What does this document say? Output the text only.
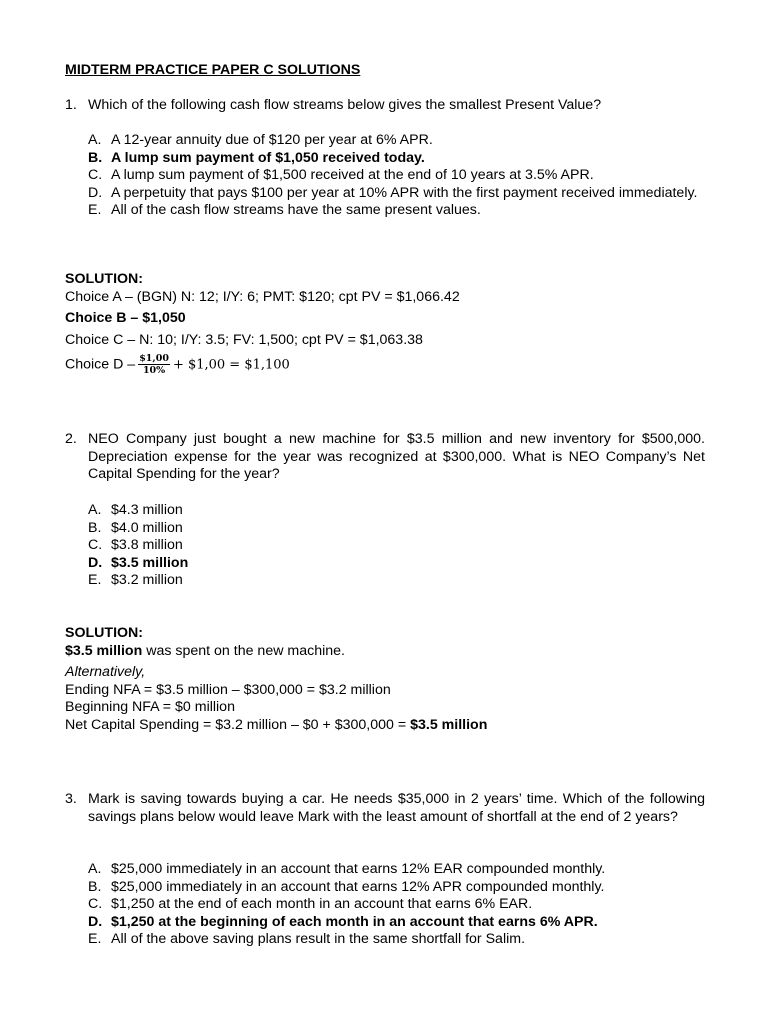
MIDTERM PRACTICE PAPER C SOLUTIONS
1. Which of the following cash flow streams below gives the smallest Present Value?
A. A 12-year annuity due of $120 per year at 6% APR.
B. A lump sum payment of $1,050 received today.
C. A lump sum payment of $1,500 received at the end of 10 years at 3.5% APR.
D. A perpetuity that pays $100 per year at 10% APR with the first payment received immediately.
E. All of the cash flow streams have the same present values.
SOLUTION:
Choice A – (BGN) N: 12; I/Y: 6; PMT: $120; cpt PV = $1,066.42
Choice B – $1,050
Choice C – N: 10; I/Y: 3.5; FV: 1,500; cpt PV = $1,063.38
Choice D – $\frac{\$1,00}{10\%}$ + $1,00 = $1,100
2. NEO Company just bought a new machine for $3.5 million and new inventory for $500,000. Depreciation expense for the year was recognized at $300,000. What is NEO Company’s Net Capital Spending for the year?
A. $4.3 million
B. $4.0 million
C. $3.8 million
D. $3.5 million
E. $3.2 million
SOLUTION:
$3.5 million was spent on the new machine.
Alternatively,
Ending NFA = $3.5 million – $300,000 = $3.2 million
Beginning NFA = $0 million
Net Capital Spending = $3.2 million – $0 + $300,000 = $3.5 million
3. Mark is saving towards buying a car. He needs $35,000 in 2 years’ time. Which of the following savings plans below would leave Mark with the least amount of shortfall at the end of 2 years?
A. $25,000 immediately in an account that earns 12% EAR compounded monthly.
B. $25,000 immediately in an account that earns 12% APR compounded monthly.
C. $1,250 at the end of each month in an account that earns 6% EAR.
D. $1,250 at the beginning of each month in an account that earns 6% APR.
E. All of the above saving plans result in the same shortfall for Salim.
